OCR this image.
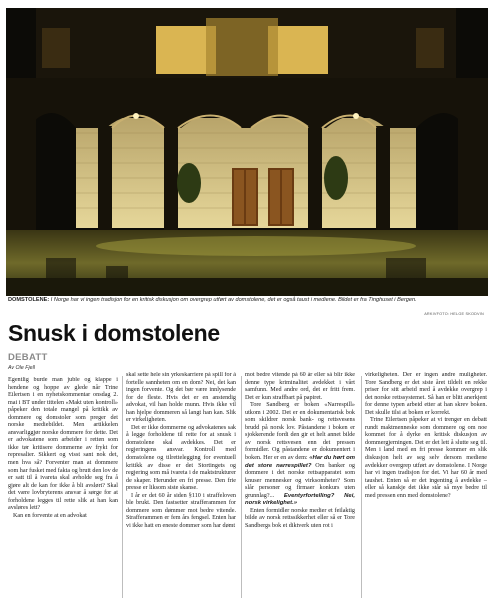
DOMSTOLENE: I Norge har vi ingen tradisjon for en kritisk diskusjon om overgrep utført av domstolene, det er også taust i mediene. Bildet er fra Tinghuset i Bergen.
ARKIVFOTO: HELGE SKODVIN
Snusk i domstolene
DEBATT
Av Ole Fjell

Egentlig burde man juble og klappe i hendene og hoppe av glede når Trine Eilertsen i en nyhetskommentar onsdag 2. mai i BT under tittelen «Makt uten kontroll» påpeker den totale mangel på kritikk av dommere og domstoler som preger det norske mediebildet. Men artikkelen ansvarliggjør norske dommere for dette. Det er advokatene som arbeider i retten som ikke tør kritisere dommerne av frykt for represalier. Sikkert og visst sant nok det, men hva så? Forventer man at dommere som har fusket med fakta og brutt den lov de er satt til å ivareta skal avholde seg fra å gjøre alt de kan for ikke å bli avslørt? Skal det være lovbryterens ansvar å sørge for at forholdene legges til rette slik at han kan avsløres lett?

Kan en forvente at en advokat

skal sette hele sin yrkeskarriere på spill for å fortelle sannheten om en dom? Nei, det kan ingen forvente. Og det bør være innlysende for de fleste. Hvis det er en anstendig advokat, vil han holde munn. Hvis ikke vil han hjelpe dommeren så langt han kan. Slik er virkeligheten.

Det er ikke dommerne og advokatenes sak å legge forholdene til rette for at snusk i domstolene skal avdekkes. Det er regjeringens ansvar. Kontroll med domstolene og tilrettelegging for eventuell kritikk av disse er det Stortingets og regjering som må ivareta i de maktstrukturer de skaper. Herunder en fri presse. Den frie presse er liksom siste skanse.

I år er det 60 år siden §110 i straffeloven ble brukt. Den fastsetter strafferammen for dommere som dømmer mot bedre vitende. Strafferammen er fem års fengsel. Enten har vi ikke hatt en eneste dommer som har dømt

mot bedre vitende på 60 år eller så blir ikke denne type kriminalitet avdekket i vårt samfunn. Med andre ord, det er fritt frem. Det er kun straffbart på papiret.

Tore Sandberg er boken «Narrespill» utkom i 2002. Det er en dokumentarisk bok som skildrer norsk bank- og rettsvesens brudd på norsk lov. Påstandene i boken er sjokkerende fordi den gir et helt annet bilde av norsk rettsvesen enn det pressen formidler. Og påstandene er dokumentert i boken. Her er en av dem: «Har du hørt om det store narrespillet? Om banker og dommere i det norske rettsapparatet som knuser mennesker og virksomheter? Som slår personer og firmaer konkurs uten grunnlag?... Eventyrfortelling? Nei, norsk virkelighet.»

Enten formidler norske medier et feilaktig bilde av norsk rettssikkerhet eller så er Tore Sandbergs bok et diktverk uten rot i

virkeligheten. Der er ingen andre muligheter. Tore Sandberg er det siste året tildelt en rekke priser for sitt arbeid med å avdekke overgrep i det norske rettssystemet. Så han er blitt anerkjent for denne typen arbeid etter at han skrev boken. Det skulle tilsi at boken er korrekt.

Trine Eilertsen påpeker at vi trenger en debatt rundt maktmenneske som dommere og om noe kommet for å dyrke en kritisk diskusjon av dommergjerningen. Det er det lett å slutte seg til. Men i land med en fri presse kommer en slik diskusjon helt av seg selv dersom mediene avdekker overgrep utført av domstolene. I Norge har vi ingen tradisjon for det. Vi har 60 år med taushet. Enten så er det ingenting å avdekke – eller så kanskje det ikke står så mye bedre til med pressen enn med domstolene?
